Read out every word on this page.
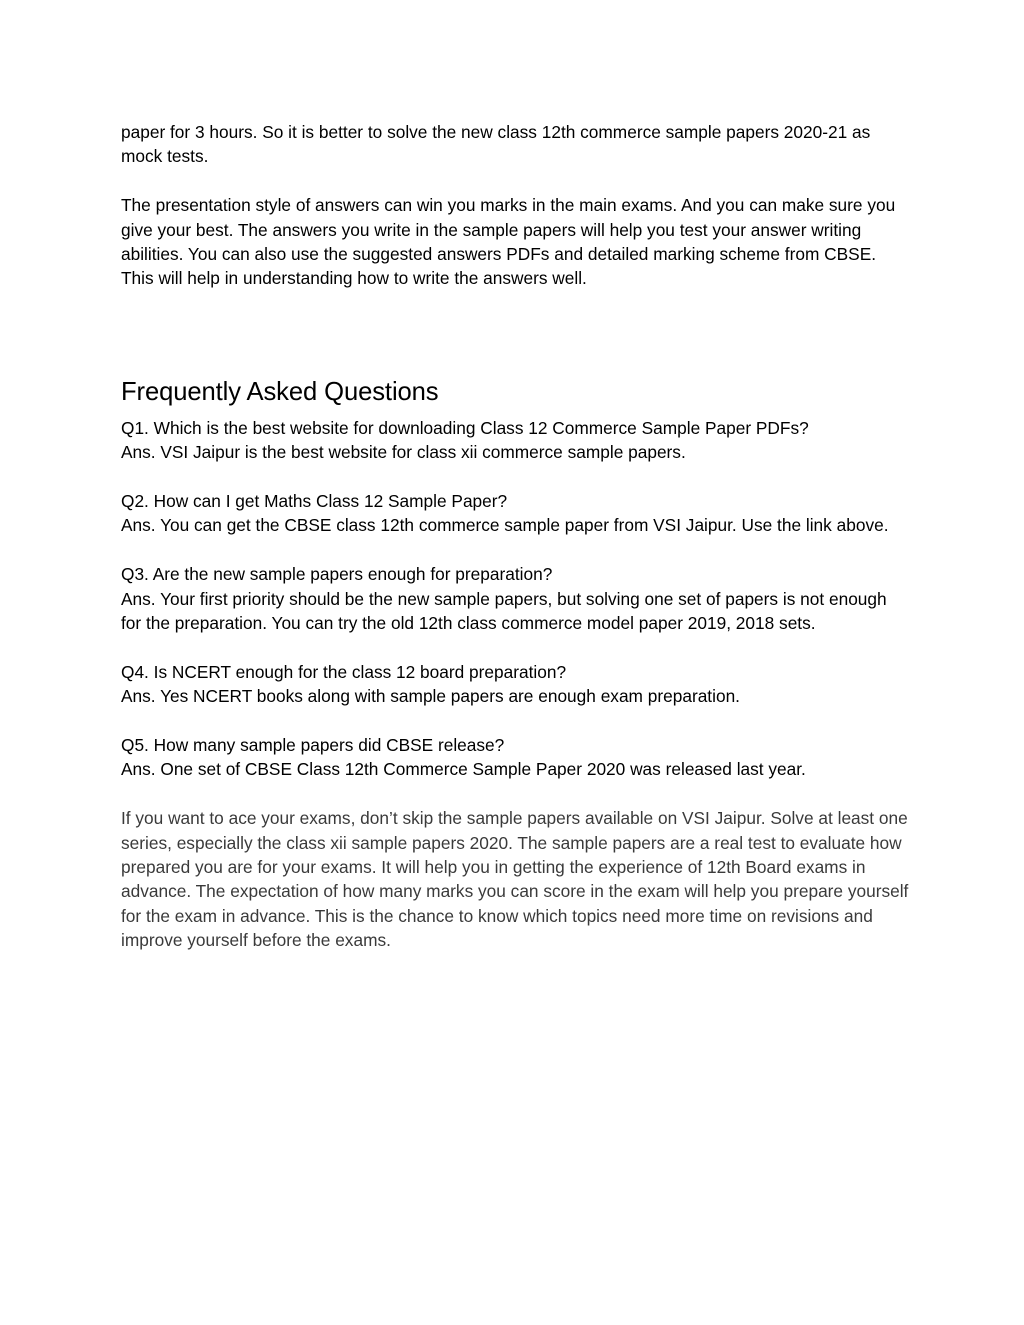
paper for 3 hours. So it is better to solve the new class 12th commerce sample papers 2020-21 as mock tests.

The presentation style of answers can win you marks in the main exams. And you can make sure you give your best. The answers you write in the sample papers will help you test your answer writing abilities. You can also use the suggested answers PDFs and detailed marking scheme from CBSE. This will help in understanding how to write the answers well.

Frequently Asked Questions

Q1. Which is the best website for downloading Class 12 Commerce Sample Paper PDFs?

Ans. VSI Jaipur is the best website for class xii commerce sample papers.

Q2. How can I get Maths Class 12 Sample Paper?

Ans. You can get the CBSE class 12th commerce sample paper from VSI Jaipur. Use the link above.

Q3. Are the new sample papers enough for preparation?

Ans. Your first priority should be the new sample papers, but solving one set of papers is not enough for the preparation. You can try the old 12th class commerce model paper 2019, 2018 sets.

Q4. Is NCERT enough for the class 12 board preparation?

Ans. Yes NCERT books along with sample papers are enough exam preparation.

Q5. How many sample papers did CBSE release?

Ans. One set of CBSE Class 12th Commerce Sample Paper 2020 was released last year.

If you want to ace your exams, don’t skip the sample papers available on VSI Jaipur. Solve at least one series, especially the class xii sample papers 2020. The sample papers are a real test to evaluate how prepared you are for your exams. It will help you in getting the experience of 12th Board exams in advance. The expectation of how many marks you can score in the exam will help you prepare yourself for the exam in advance. This is the chance to know which topics need more time on revisions and improve yourself before the exams.
